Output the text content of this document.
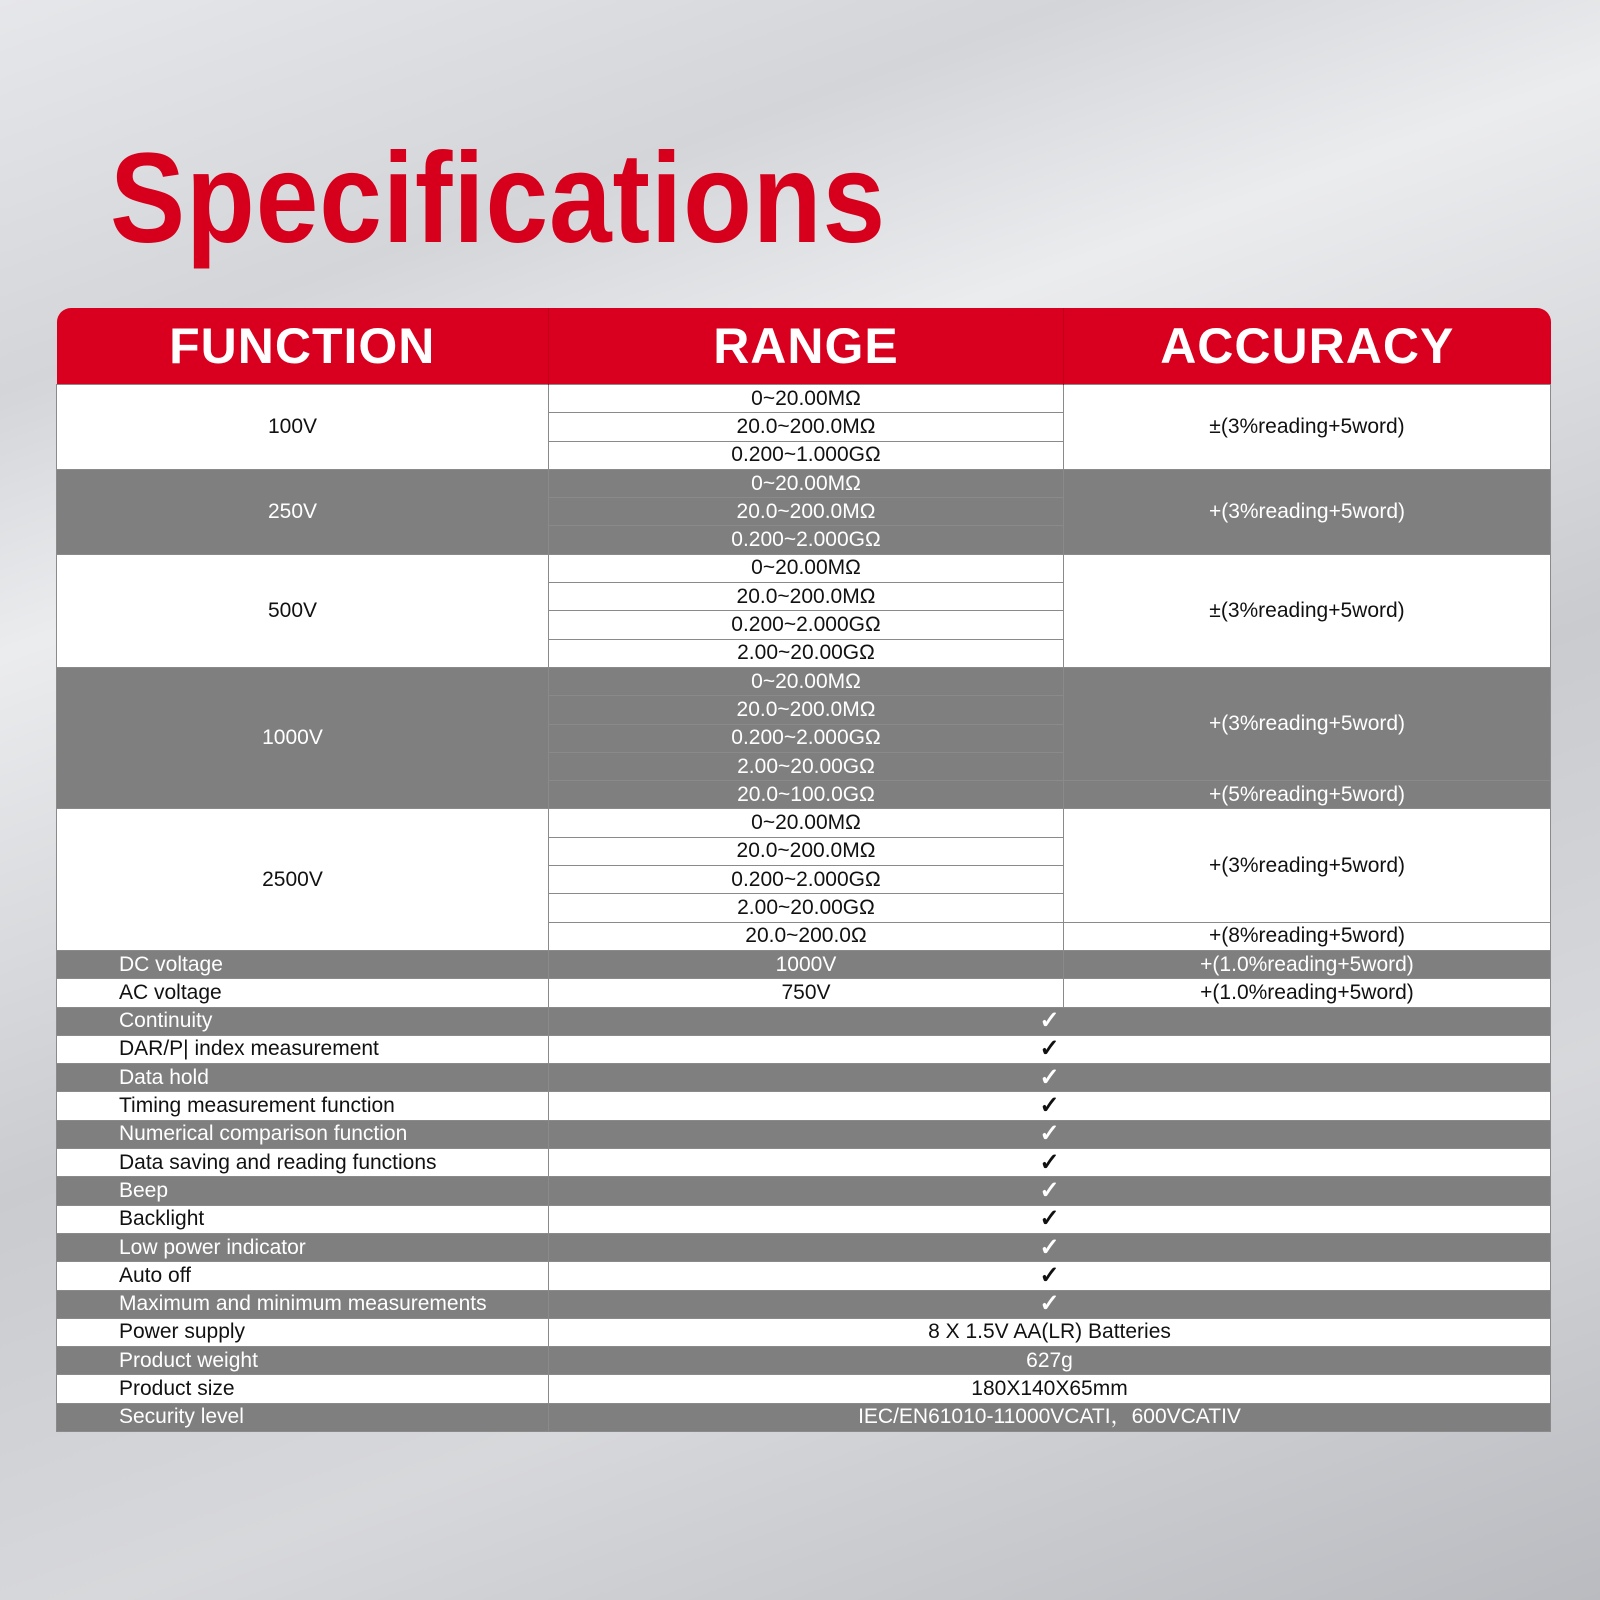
Specifications
FUNCTION	RANGE	ACCURACY
100V	0~20.00MΩ	±(3%reading+5word)
	20.0~200.0MΩ	
	0.200~1.000GΩ	
250V	0~20.00MΩ	+(3%reading+5word)
	20.0~200.0MΩ	
	0.200~2.000GΩ	
500V	0~20.00MΩ	±(3%reading+5word)
	20.0~200.0MΩ	
	0.200~2.000GΩ	
	2.00~20.00GΩ	
1000V	0~20.00MΩ	+(3%reading+5word)
	20.0~200.0MΩ	
	0.200~2.000GΩ	
	2.00~20.00GΩ	
	20.0~100.0GΩ	+(5%reading+5word)
2500V	0~20.00MΩ	+(3%reading+5word)
	20.0~200.0MΩ	
	0.200~2.000GΩ	
	2.00~20.00GΩ	
	20.0~200.0Ω	+(8%reading+5word)
DC voltage	1000V	+(1.0%reading+5word)
AC voltage	750V	+(1.0%reading+5word)
Continuity	✓	
DAR/P| index measurement	✓	
Data hold	✓	
Timing measurement function	✓	
Numerical comparison function	✓	
Data saving and reading functions	✓	
Beep	✓	
Backlight	✓	
Low power indicator	✓	
Auto off	✓	
Maximum and minimum measurements	✓	
Power supply	8 X 1.5V AA(LR) Batteries	
Product weight	627g	
Product size	180X140X65mm	
Security level	IEC/EN61010-11000VCATI，600VCATIV	
